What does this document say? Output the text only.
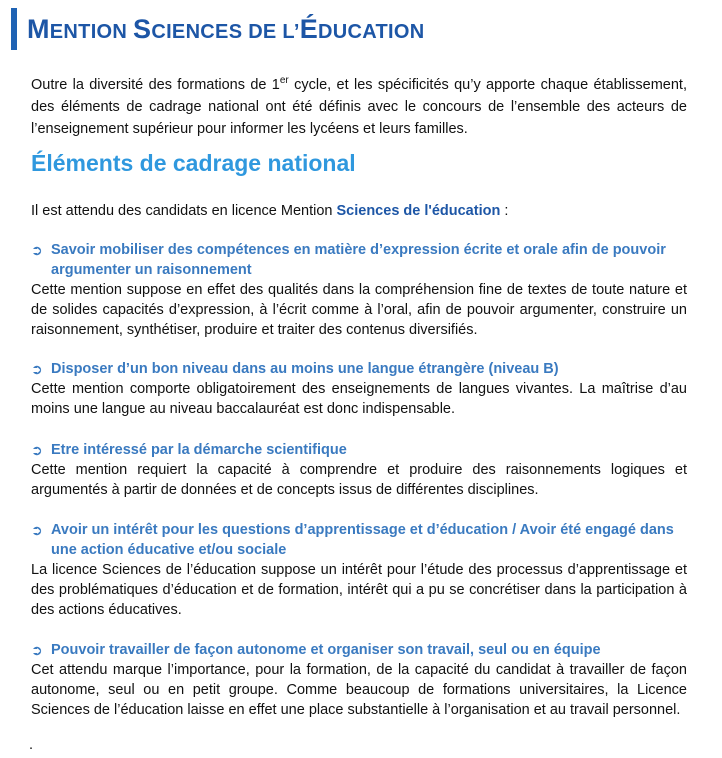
MENTION SCIENCES DE L’ÉDUCATION

Outre la diversité des formations de 1er cycle, et les spécificités qu’y apporte chaque établissement, des éléments de cadrage national ont été définis avec le concours de l’ensemble des acteurs de l’enseignement supérieur pour informer les lycéens et leurs familles.

Éléments de cadrage national
Il est attendu des candidats en licence Mention Sciences de l'éducation :
➲ Savoir mobiliser des compétences en matière d’expression écrite et orale afin de pouvoir argumenter un raisonnement
Cette mention suppose en effet des qualités dans la compréhension fine de textes de toute nature et de solides capacités d’expression, à l’écrit comme à l’oral, afin de pouvoir argumenter, construire un raisonnement, synthétiser, produire et traiter des contenus diversifiés.
➲ Disposer d’un bon niveau dans au moins une langue étrangère (niveau B)
Cette mention comporte obligatoirement des enseignements de langues vivantes. La maîtrise d’au moins une langue au niveau baccalauréat est donc indispensable.
➲ Etre intéressé par la démarche scientifique
Cette mention requiert la capacité à comprendre et produire des raisonnements logiques et argumentés à partir de données et de concepts issus de différentes disciplines.
➲ Avoir un intérêt pour les questions d’apprentissage et d’éducation / Avoir été engagé dans une action éducative et/ou sociale
La licence Sciences de l’éducation suppose un intérêt pour l’étude des processus d’apprentissage et des problématiques d’éducation et de formation, intérêt qui a pu se concrétiser dans la participation à des actions éducatives.
➲ Pouvoir travailler de façon autonome et organiser son travail, seul ou en équipe
Cet attendu marque l’importance, pour la formation, de la capacité du candidat à travailler de façon autonome, seul ou en petit groupe. Comme beaucoup de formations universitaires, la Licence Sciences de l’éducation laisse en effet une place substantielle à l’organisation et au travail personnel.
.
